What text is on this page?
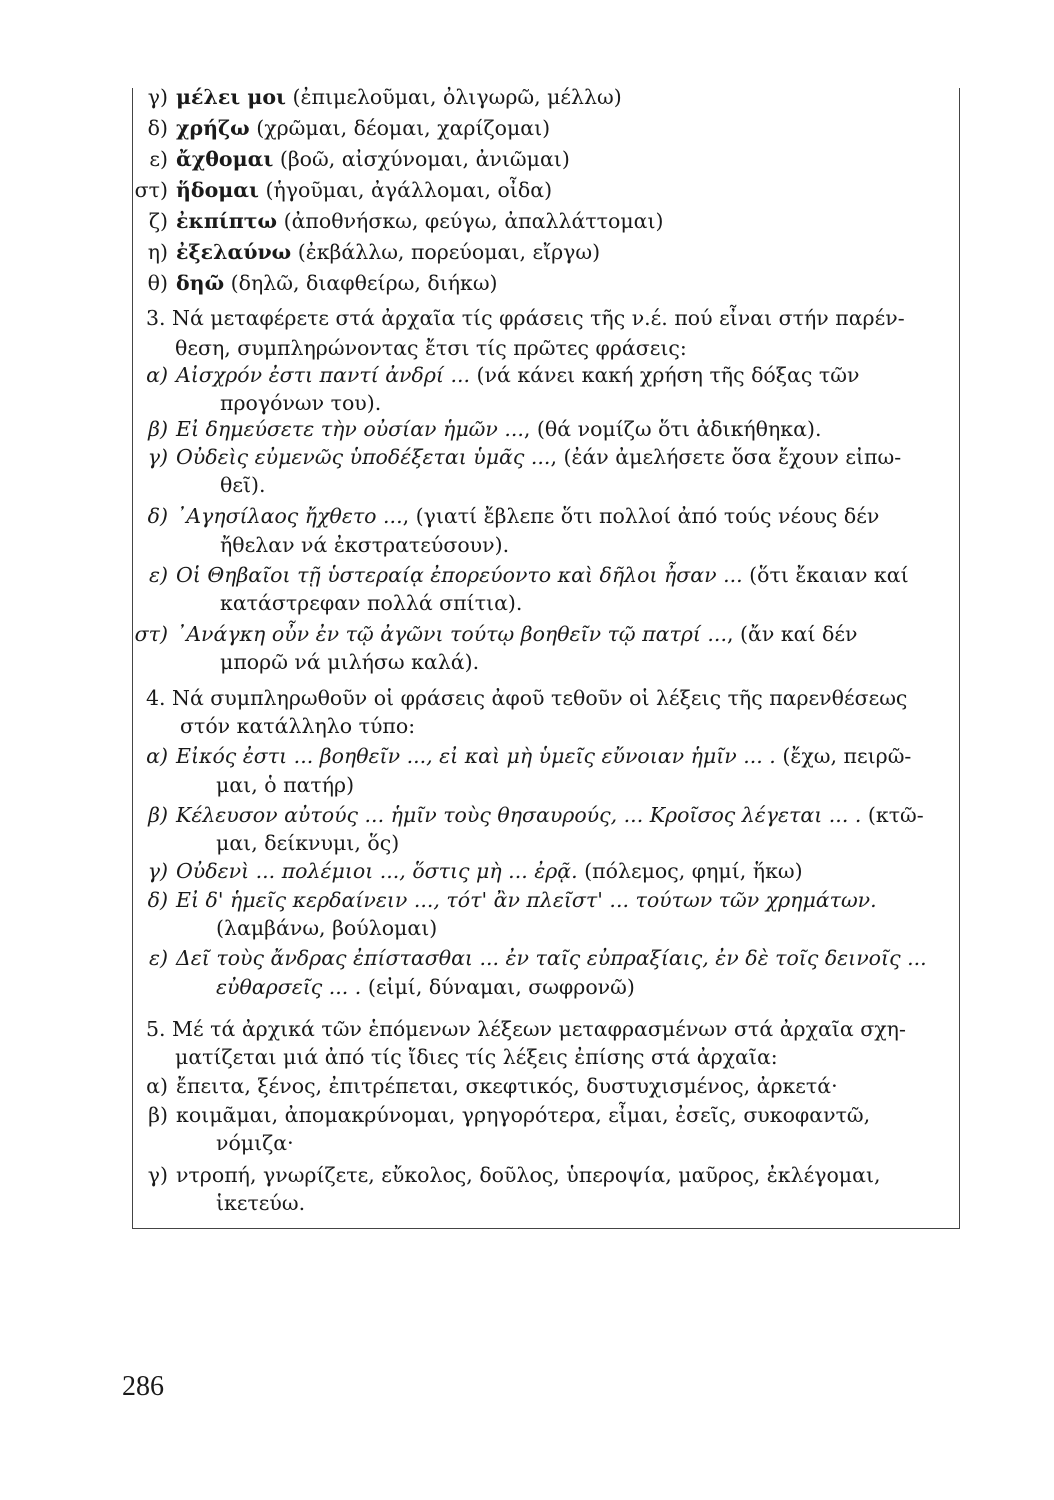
γ) μέλει μοι (ἐπιμελοῦμαι, ὀλιγωρῶ, μέλλω)
δ) χρήζω (χρῶμαι, δέομαι, χαρίζομαι)
ε) ἄχθομαι (βοῶ, αἰσχύνομαι, ἀνιῶμαι)
στ) ἥδομαι (ἡγοῦμαι, ἀγάλλομαι, οἶδα)
ζ) ἐκπίπτω (ἀποθνήσκω, φεύγω, ἀπαλλάττομαι)
η) ἐξελαύνω (ἐκβάλλω, πορεύομαι, εἴργω)
θ) δηῶ (δηλῶ, διαφθείρω, διήκω)
3. Νά μεταφέρετε στά ἀρχαῖα τίς φράσεις τῆς ν.έ. πού εἶναι στήν παρέν-
θεση, συμπληρώνοντας ἔτσι τίς πρῶτες φράσεις:
α) Αἰσχρόν ἐστι παντί ἀνδρί ... (νά κάνει κακή χρήση τῆς δόξας τῶν
προγόνων του).
β) Εἰ δημεύσετε τὴν οὐσίαν ἡμῶν ..., (θά νομίζω ὅτι ἀδικήθηκα).
γ) Οὐδεὶς εὐμενῶς ὑποδέξεται ὑμᾶς ..., (ἐάν ἀμελήσετε ὅσα ἔχουν εἰπω-
θεῖ).
δ) ᾿Αγησίλαος ἤχθετο ..., (γιατί ἔβλεπε ὅτι πολλοί ἀπό τούς νέους δέν
ἤθελαν νά ἐκστρατεύσουν).
ε) Οἱ Θηβαῖοι τῇ ὑστεραίᾳ ἐπορεύοντο καὶ δῆλοι ἦσαν ... (ὅτι ἔκαιαν καί
κατάστρεφαν πολλά σπίτια).
στ) ᾿Ανάγκη οὖν ἐν τῷ ἀγῶνι τούτῳ βοηθεῖν τῷ πατρί ..., (ἄν καί δέν
μπορῶ νά μιλήσω καλά).
4. Νά συμπληρωθοῦν οἱ φράσεις ἀφοῦ τεθοῦν οἱ λέξεις τῆς παρενθέσεως
στόν κατάλληλο τύπο:
α) Εἰκός ἐστι ... βοηθεῖν ..., εἰ καὶ μὴ ὑμεῖς εὔνοιαν ἡμῖν ... . (ἔχω, πειρῶ-
μαι, ὁ πατήρ)
β) Κέλευσον αὐτούς ... ἡμῖν τοὺς θησαυρούς, ... Κροῖσος λέγεται ... . (κτῶ-
μαι, δείκνυμι, ὅς)
γ) Οὐδενὶ ... πολέμιοι ..., ὅστις μὴ ... ἐρᾷ. (πόλεμος, φημί, ἥκω)
δ) Εἰ δ' ἡμεῖς κερδαίνειν ..., τότ' ἂν πλεῖστ' ... τούτων τῶν χρημάτων.
(λαμβάνω, βούλομαι)
ε) Δεῖ τοὺς ἄνδρας ἐπίστασθαι ... ἐν ταῖς εὐπραξίαις, ἐν δὲ τοῖς δεινοῖς ...
εὐθαρσεῖς ... . (εἰμί, δύναμαι, σωφρονῶ)
5. Μέ τά ἀρχικά τῶν ἑπόμενων λέξεων μεταφρασμένων στά ἀρχαῖα σχη-
ματίζεται μιά ἀπό τίς ἴδιες τίς λέξεις ἐπίσης στά ἀρχαῖα:
α) ἔπειτα, ξένος, ἐπιτρέπεται, σκεφτικός, δυστυχισμένος, ἀρκετά·
β) κοιμᾶμαι, ἀπομακρύνομαι, γρηγορότερα, εἶμαι, ἐσεῖς, συκοφαντῶ,
νόμιζα·
γ) ντροπή, γνωρίζετε, εὔκολος, δοῦλος, ὑπεροψία, μαῦρος, ἐκλέγομαι,
ἱκετεύω.
286
